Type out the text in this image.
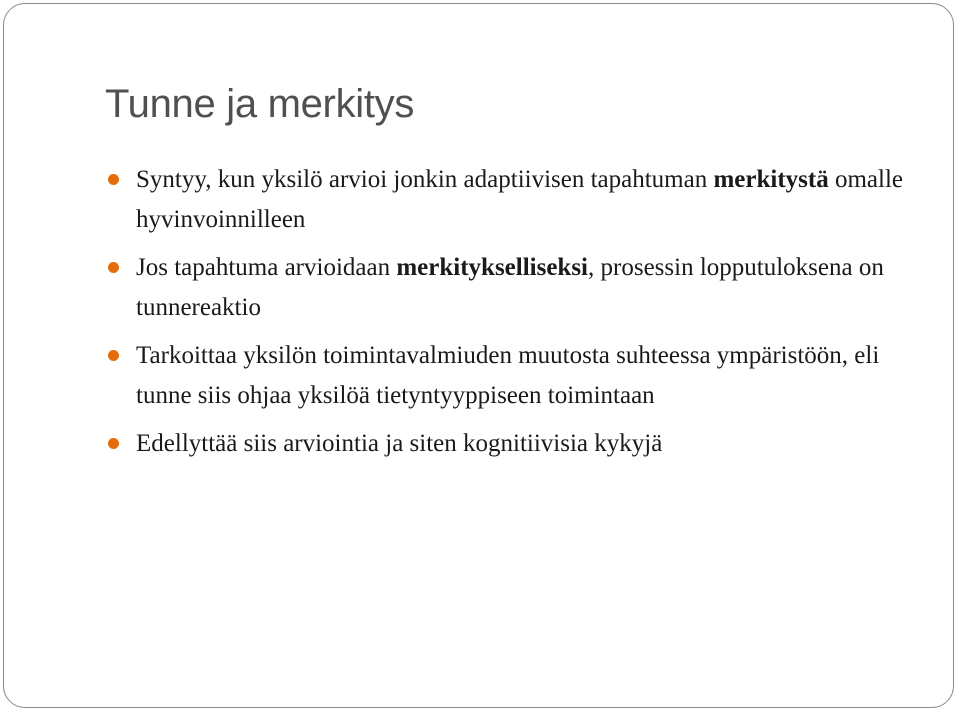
Tunne ja merkitys
Syntyy, kun yksilö arvioi jonkin adaptiivisen tapahtuman merkitystä omalle hyvinvoinnilleen
Jos tapahtuma arvioidaan merkitykselliseksi, prosessin lopputuloksena on tunnereaktio
Tarkoittaa yksilön toimintavalmiuden muutosta suhteessa ympäristöön, eli tunne siis ohjaa yksilöä tietyntyyppiseen toimintaan
Edellyttää siis arviointia ja siten kognitiivisia kykyjä
